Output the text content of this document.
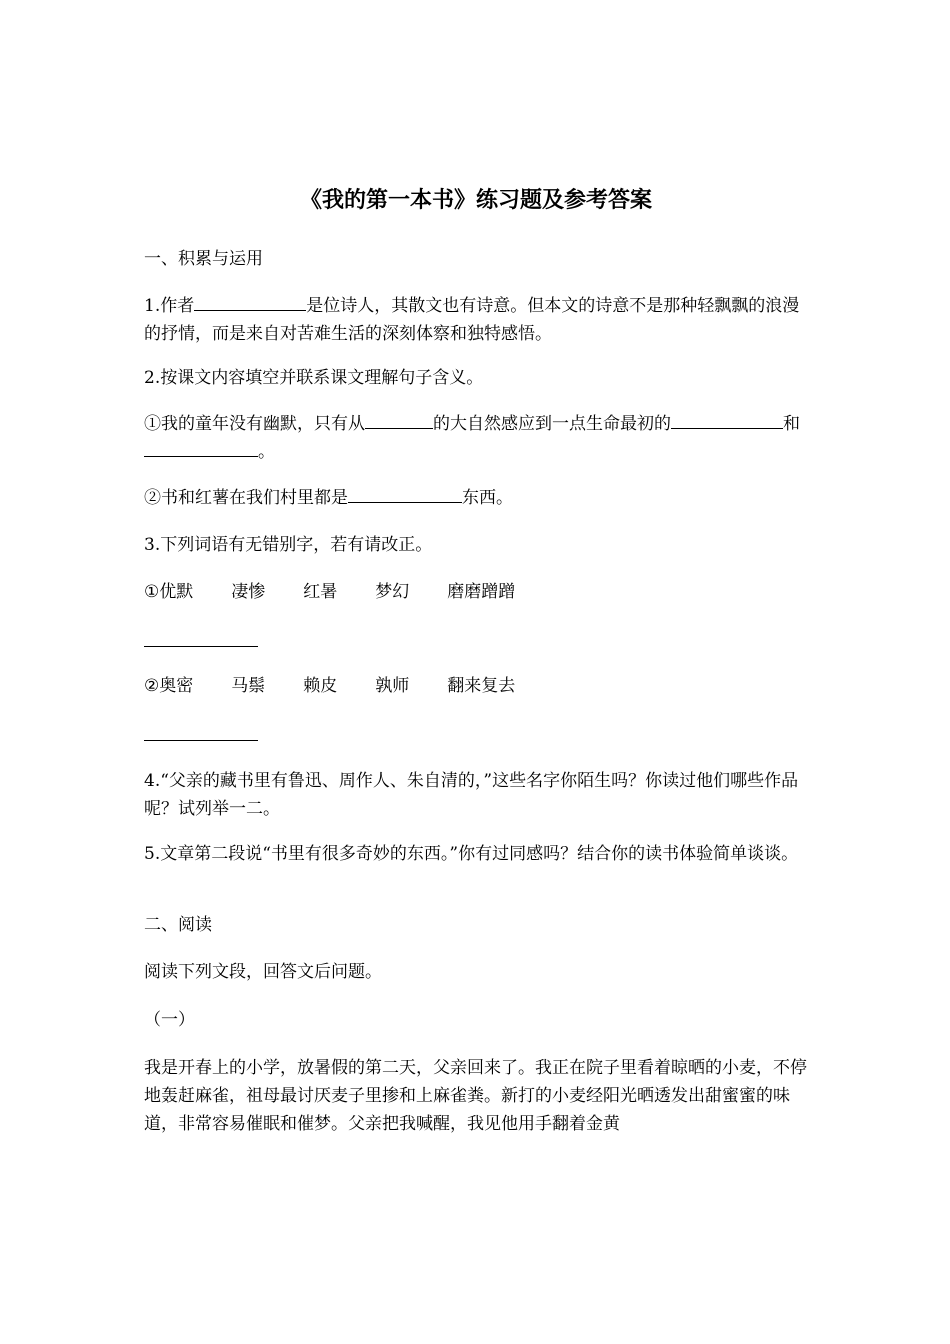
《我的第一本书》练习题及参考答案

一、积累与运用

1.作者	是位诗人，其散文也有诗意。但本文的诗意不是那种轻飘飘的浪漫的抒情，而是来自对苦难生活的深刻体察和独特感悟。

2.按课文内容填空并联系课文理解句子含义。

①我的童年没有幽默，只有从	的大自然感应到一点生命最初的	和。

②书和红薯在我们村里都是	东西。

3.下列词语有无错别字，若有请改正。

①优默 凄惨 红暑 梦幻 磨磨蹭蹭

②奥密 马鬃 赖皮 孰师 翻来复去

4.“父亲的藏书里有鲁迅、周作人、朱自清的，”这些名字你陌生吗？你读过他们哪些作品呢？试列举一二。

5.文章第二段说“书里有很多奇妙的东西。”你有过同感吗？结合你的读书体验简单谈谈。

二、阅读

阅读下列文段，回答文后问题。

（一）

我是开春上的小学，放暑假的第二天，父亲回来了。我正在院子里看着晾晒的小麦，不停地轰赶麻雀，祖母最讨厌麦子里掺和上麻雀粪。新打的小麦经阳光晒透发出甜蜜蜜的味道，非常容易催眠和催梦。父亲把我喊醒，我见他用手翻着金黄
